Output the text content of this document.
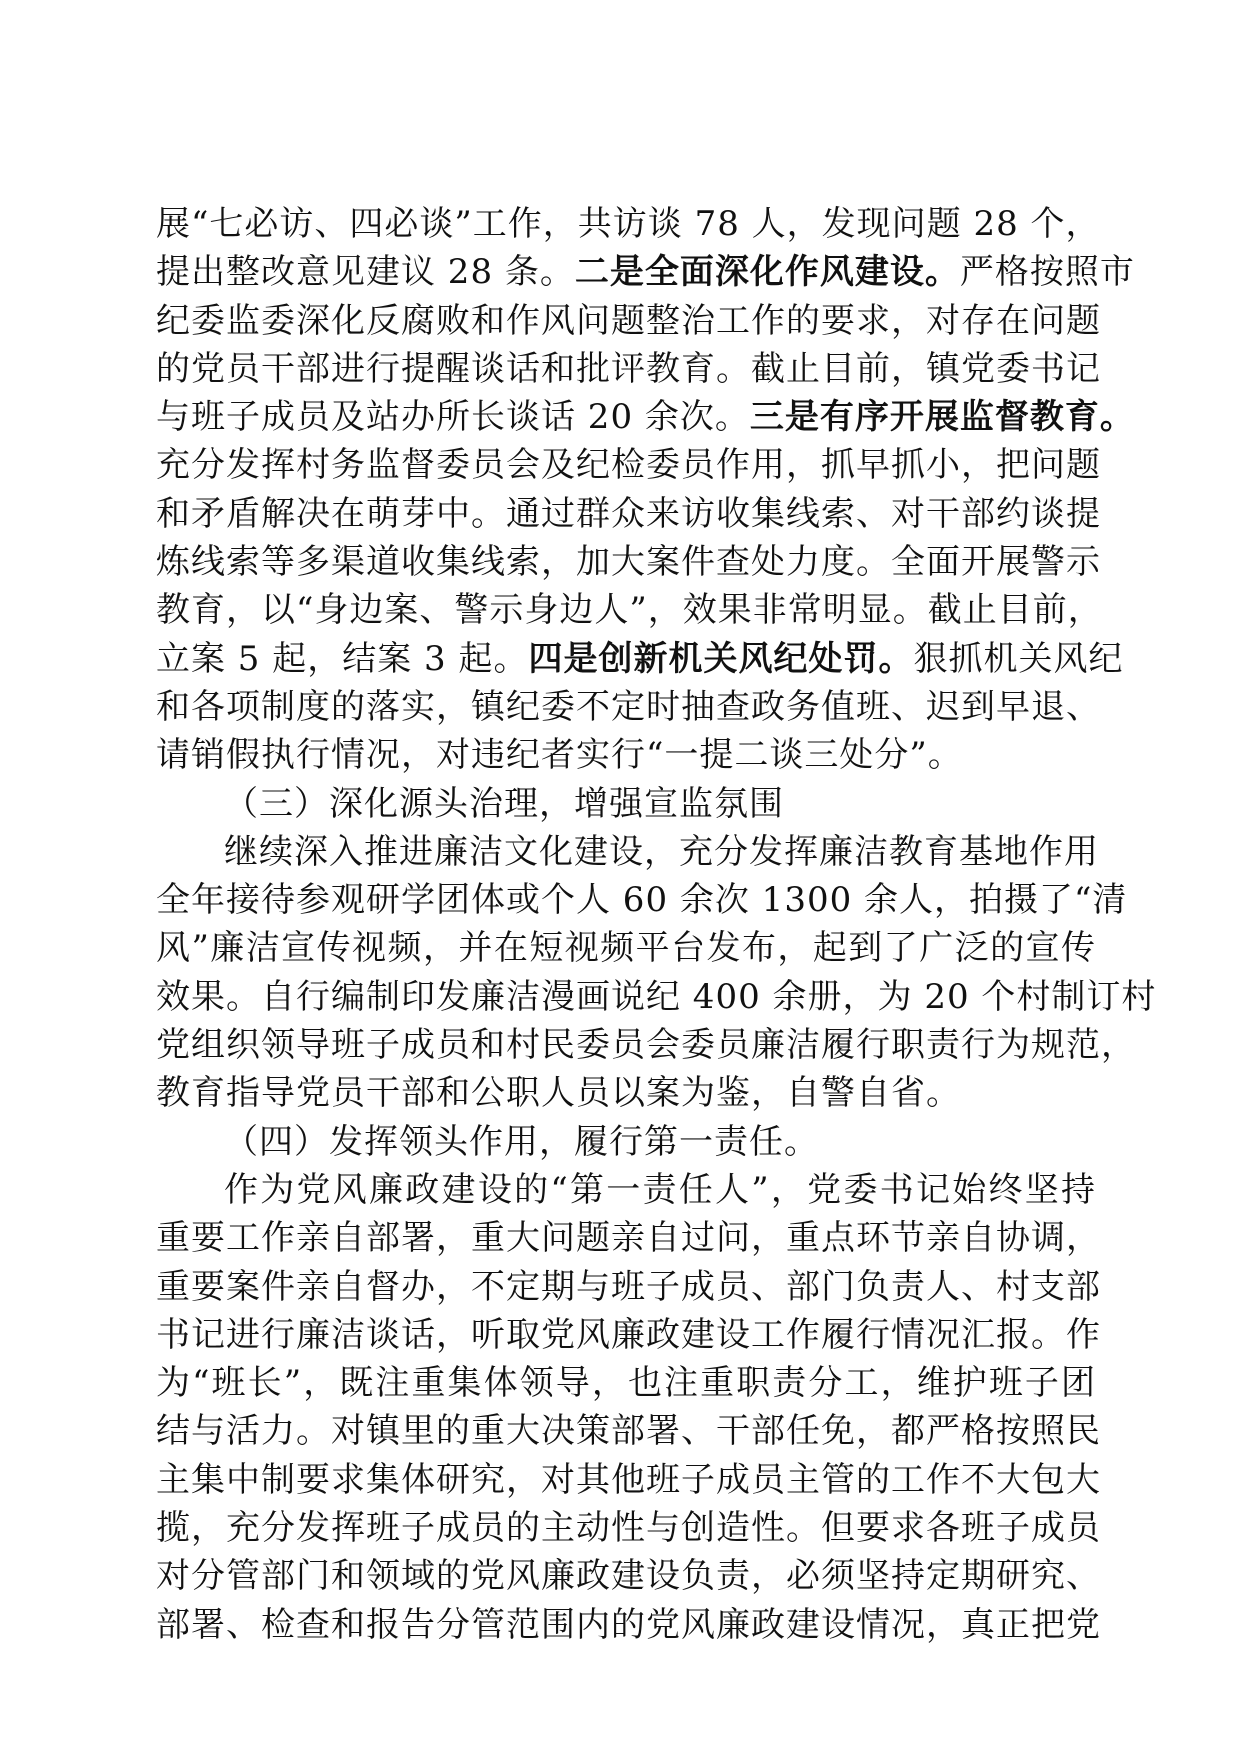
展“七必访、四必谈”工作，共访谈 78 人，发现问题 28 个，
提出整改意见建议 28 条。二是全面深化作风建设。严格按照市
纪委监委深化反腐败和作风问题整治工作的要求，对存在问题
的党员干部进行提醒谈话和批评教育。截止目前，镇党委书记
与班子成员及站办所长谈话 20 余次。三是有序开展监督教育。
充分发挥村务监督委员会及纪检委员作用，抓早抓小，把问题
和矛盾解决在萌芽中。通过群众来访收集线索、对干部约谈提
炼线索等多渠道收集线索，加大案件查处力度。全面开展警示
教育，以“身边案、警示身边人”，效果非常明显。截止目前，
立案 5 起，结案 3 起。四是创新机关风纪处罚。狠抓机关风纪
和各项制度的落实，镇纪委不定时抽查政务值班、迟到早退、
请销假执行情况，对违纪者实行“一提二谈三处分”。
（三）深化源头治理，增强宣监氛围
继续深入推进廉洁文化建设，充分发挥廉洁教育基地作用
全年接待参观研学团体或个人 60 余次 1300 余人，拍摄了“清
风”廉洁宣传视频，并在短视频平台发布，起到了广泛的宣传
效果。自行编制印发廉洁漫画说纪 400 余册，为 20 个村制订村
党组织领导班子成员和村民委员会委员廉洁履行职责行为规范，
教育指导党员干部和公职人员以案为鉴，自警自省。
（四）发挥领头作用，履行第一责任。
作为党风廉政建设的“第一责任人”，党委书记始终坚持
重要工作亲自部署，重大问题亲自过问，重点环节亲自协调，
重要案件亲自督办，不定期与班子成员、部门负责人、村支部
书记进行廉洁谈话，听取党风廉政建设工作履行情况汇报。作
为“班长”，既注重集体领导，也注重职责分工，维护班子团
结与活力。对镇里的重大决策部署、干部任免，都严格按照民
主集中制要求集体研究，对其他班子成员主管的工作不大包大
揽，充分发挥班子成员的主动性与创造性。但要求各班子成员
对分管部门和领域的党风廉政建设负责，必须坚持定期研究、
部署、检查和报告分管范围内的党风廉政建设情况，真正把党
